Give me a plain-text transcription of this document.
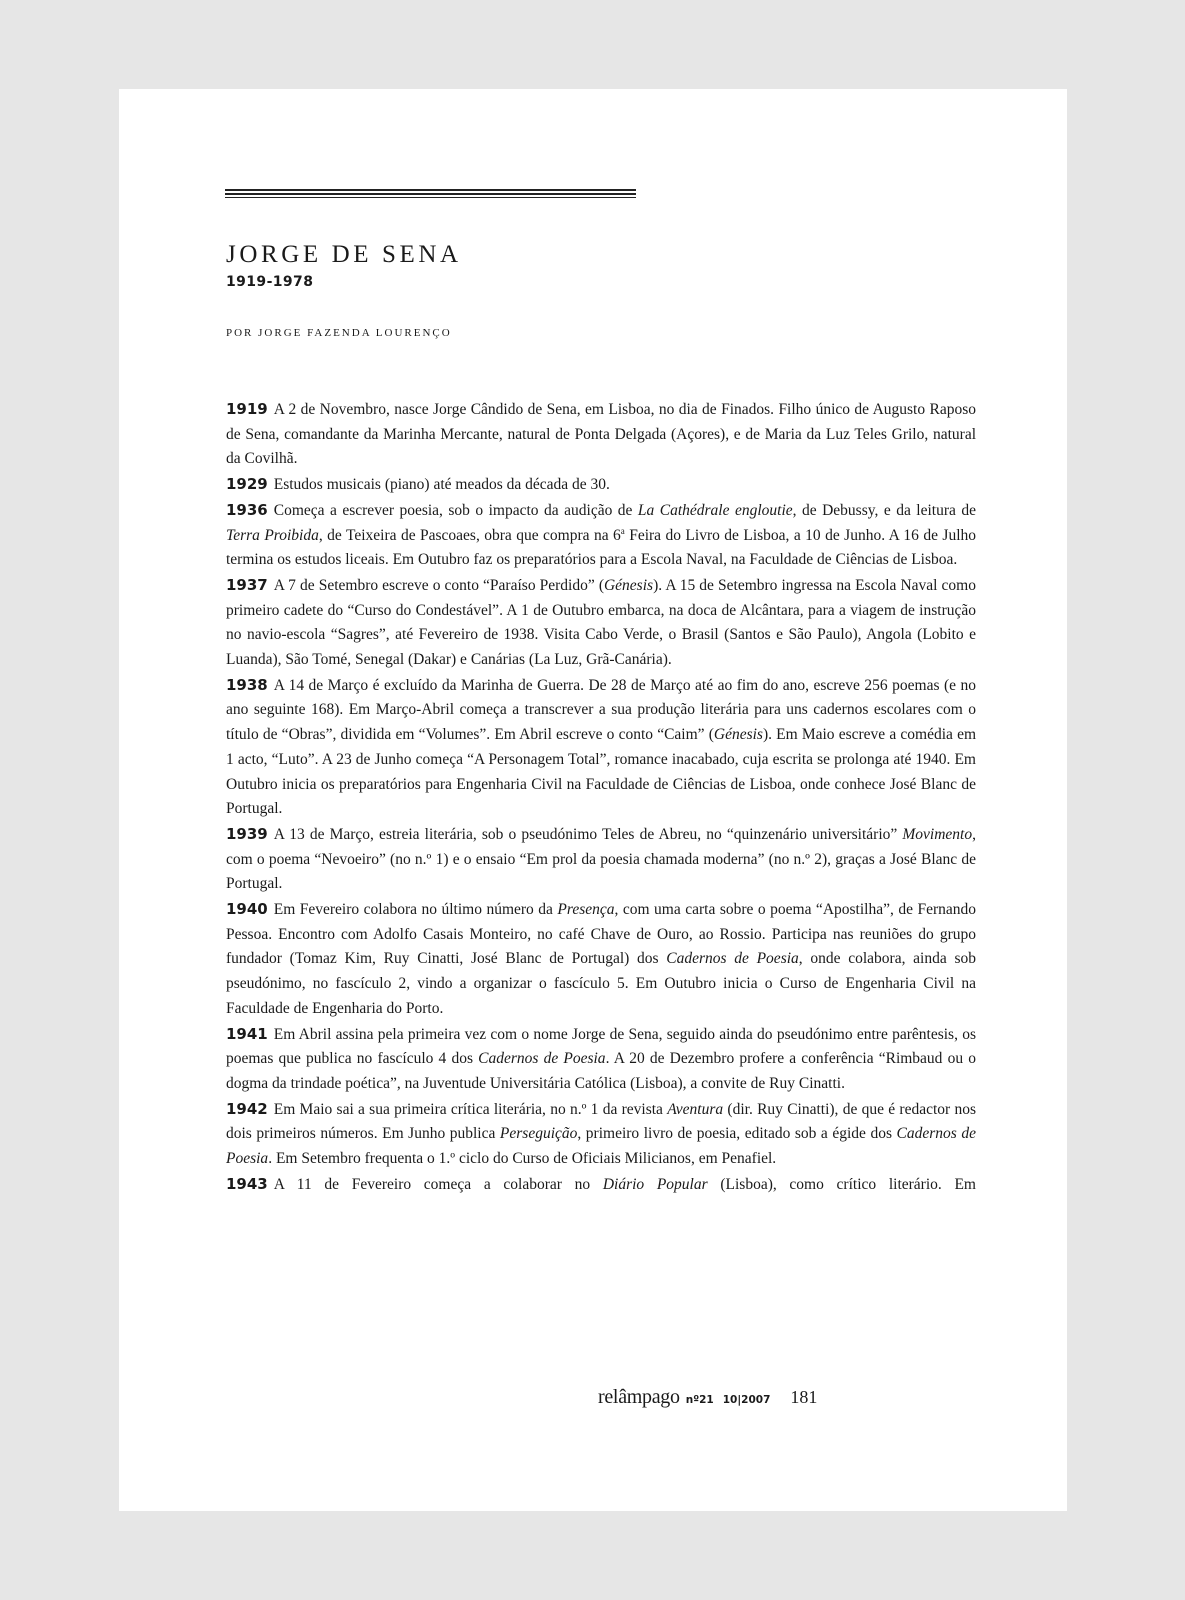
JORGE DE SENA
1919-1978
POR JORGE FAZENDA LOURENÇO

1919 A 2 de Novembro, nasce Jorge Cândido de Sena, em Lisboa, no dia de Finados. Filho único de Augusto Raposo de Sena, comandante da Marinha Mercante, natural de Ponta Delgada (Açores), e de Maria da Luz Teles Grilo, natural da Covilhã.

1929 Estudos musicais (piano) até meados da década de 30.

1936 Começa a escrever poesia, sob o impacto da audição de La Cathédrale engloutie, de Debussy, e da leitura de Terra Proibida, de Teixeira de Pascoaes, obra que compra na 6$^a$ Feira do Livro de Lisboa, a 10 de Junho. A 16 de Julho termina os estudos liceais. Em Outubro faz os preparatórios para a Escola Naval, na Faculdade de Ciências de Lisboa.

1937 A 7 de Setembro escreve o conto “Paraíso Perdido” (Génesis). A 15 de Setembro ingressa na Escola Naval como primeiro cadete do “Curso do Condestável”. A 1 de Outubro embarca, na doca de Alcântara, para a viagem de instrução no navio-escola “Sagres”, até Fevereiro de 1938. Visita Cabo Verde, o Brasil (Santos e São Paulo), Angola (Lobito e Luanda), São Tomé, Senegal (Dakar) e Canárias (La Luz, Grã-Canária).

1938 A 14 de Março é excluído da Marinha de Guerra. De 28 de Março até ao fim do ano, escreve 256 poemas (e no ano seguinte 168). Em Março-Abril começa a transcrever a sua produção literária para uns cadernos escolares com o título de “Obras”, dividida em “Volumes”. Em Abril escreve o conto “Caim” (Génesis). Em Maio escreve a comédia em 1 acto, “Luto”. A 23 de Junho começa “A Personagem Total”, romance inacabado, cuja escrita se prolonga até 1940. Em Outubro inicia os preparatórios para Engenharia Civil na Faculdade de Ciências de Lisboa, onde conhece José Blanc de Portugal.

1939 A 13 de Março, estreia literária, sob o pseudónimo Teles de Abreu, no “quinzenário universitário” Movimento, com o poema “Nevoeiro” (no n.º 1) e o ensaio “Em prol da poesia chamada moderna” (no n.º 2), graças a José Blanc de Portugal.

1940 Em Fevereiro colabora no último número da Presença, com uma carta sobre o poema “Apostilha”, de Fernando Pessoa. Encontro com Adolfo Casais Monteiro, no café Chave de Ouro, ao Rossio. Participa nas reuniões do grupo fundador (Tomaz Kim, Ruy Cinatti, José Blanc de Portugal) dos Cadernos de Poesia, onde colabora, ainda sob pseudónimo, no fascículo 2, vindo a organizar o fascículo 5. Em Outubro inicia o Curso de Engenharia Civil na Faculdade de Engenharia do Porto.

1941 Em Abril assina pela primeira vez com o nome Jorge de Sena, seguido ainda do pseudónimo entre parêntesis, os poemas que publica no fascículo 4 dos Cadernos de Poesia. A 20 de Dezembro profere a conferência “Rimbaud ou o dogma da trindade poética”, na Juventude Universitária Católica (Lisboa), a convite de Ruy Cinatti.

1942 Em Maio sai a sua primeira crítica literária, no n.º 1 da revista Aventura (dir. Ruy Cinatti), de que é redactor nos dois primeiros números. Em Junho publica Perseguição, primeiro livro de poesia, editado sob a égide dos Cadernos de Poesia. Em Setembro frequenta o 1.º ciclo do Curso de Oficiais Milicianos, em Penafiel.

1943 A 11 de Fevereiro começa a colaborar no Diário Popular (Lisboa), como crítico literário. Em

relâmpago nº21 10|2007 181
